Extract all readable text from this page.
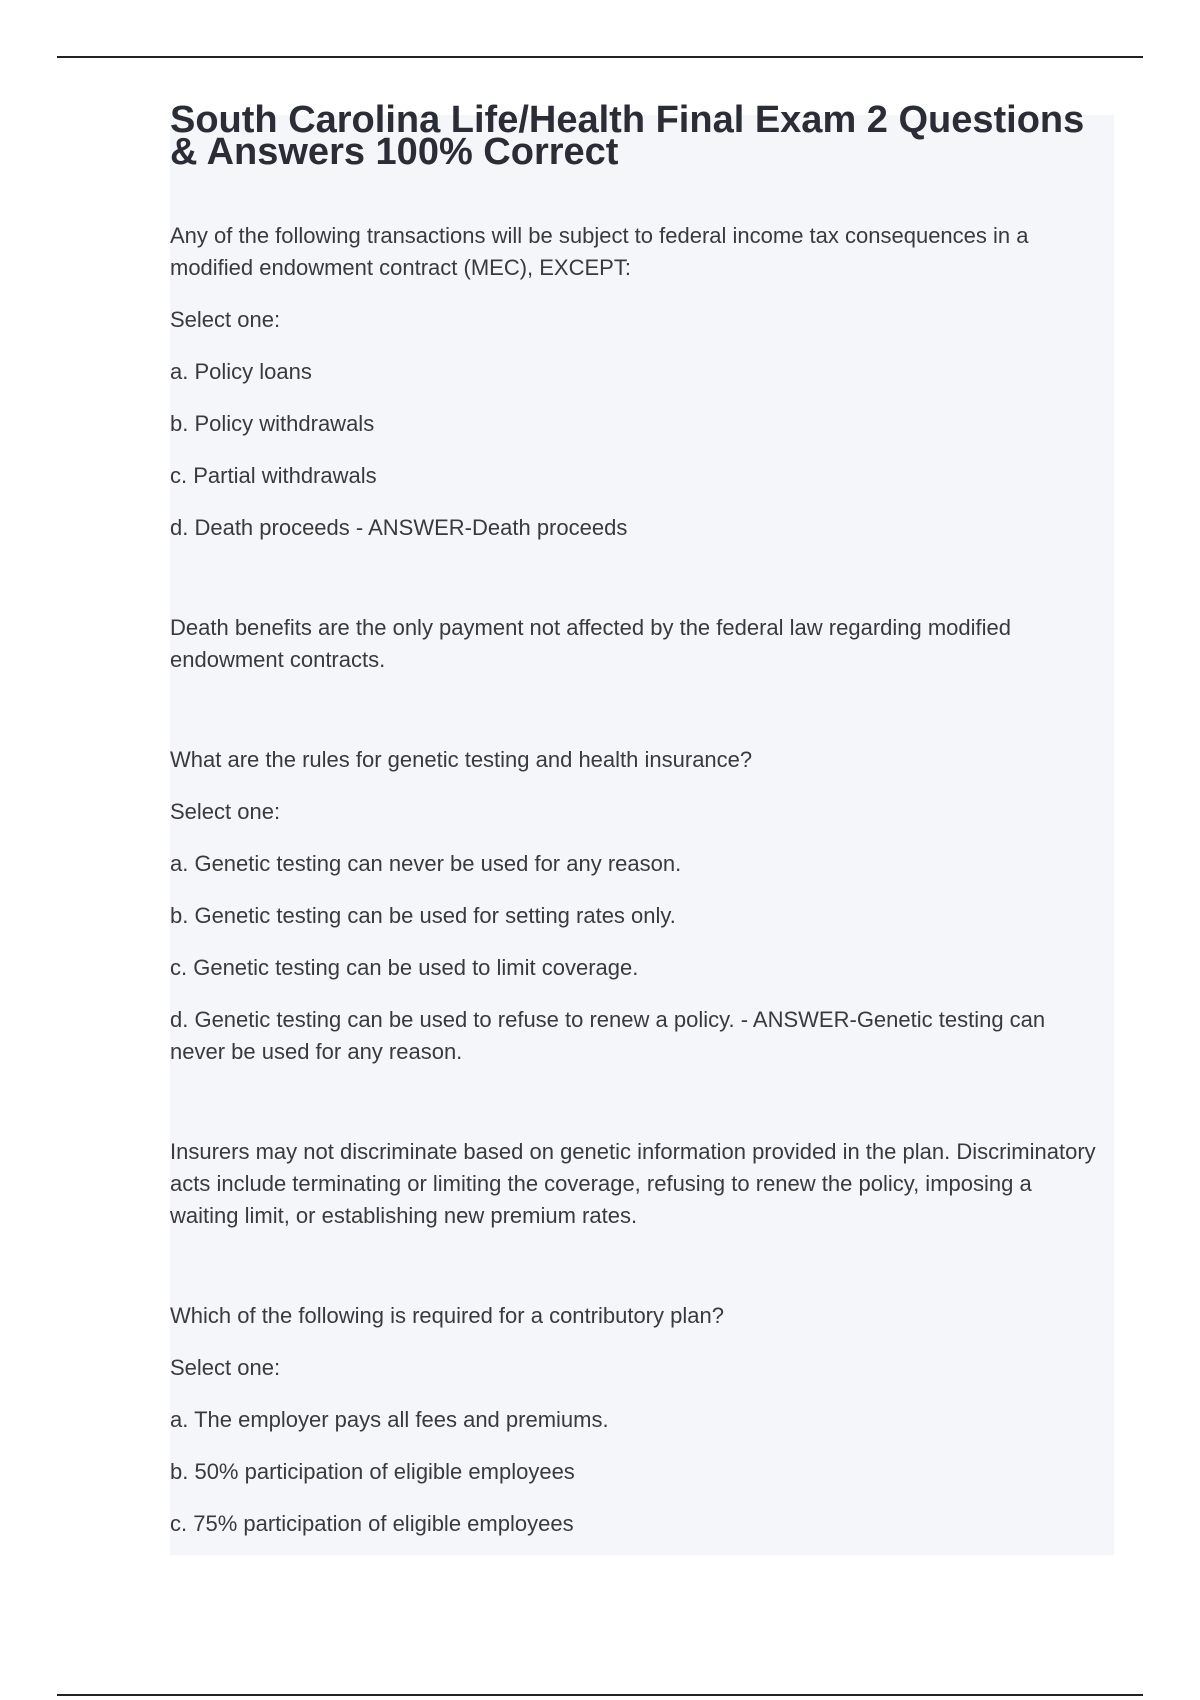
South Carolina Life/Health Final Exam 2 Questions & Answers 100% Correct

Any of the following transactions will be subject to federal income tax consequences in a modified endowment contract (MEC), EXCEPT:

Select one:

a. Policy loans

b. Policy withdrawals

c. Partial withdrawals

d. Death proceeds - ANSWER-Death proceeds

Death benefits are the only payment not affected by the federal law regarding modified endowment contracts.

What are the rules for genetic testing and health insurance?

Select one:

a. Genetic testing can never be used for any reason.

b. Genetic testing can be used for setting rates only.

c. Genetic testing can be used to limit coverage.

d. Genetic testing can be used to refuse to renew a policy. - ANSWER-Genetic testing can never be used for any reason.

Insurers may not discriminate based on genetic information provided in the plan. Discriminatory acts include terminating or limiting the coverage, refusing to renew the policy, imposing a waiting limit, or establishing new premium rates.

Which of the following is required for a contributory plan?

Select one:

a. The employer pays all fees and premiums.

b. 50% participation of eligible employees

c. 75% participation of eligible employees
